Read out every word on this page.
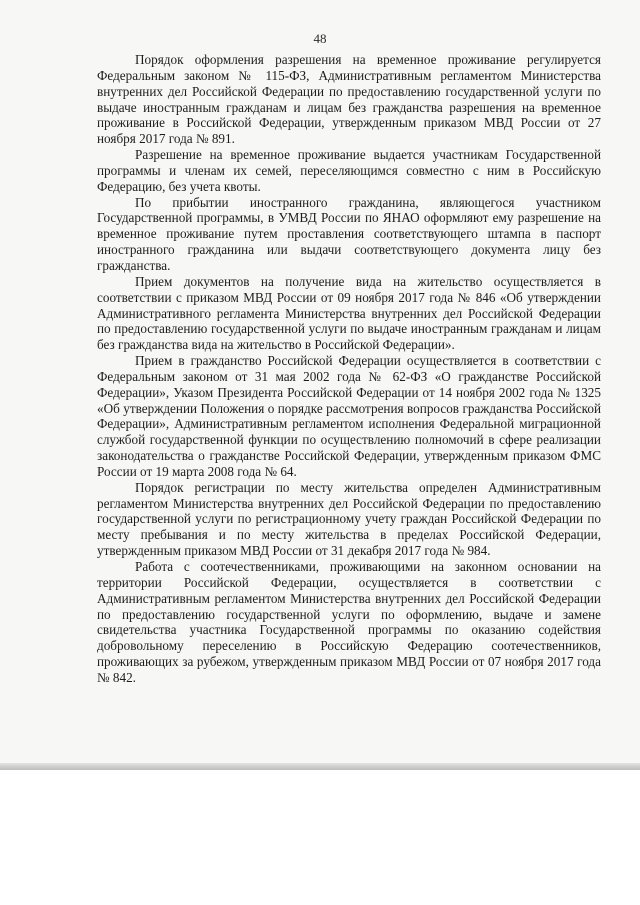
48

Порядок оформления разрешения на временное проживание регулируется Федеральным законом № 115-ФЗ, Административным регламентом Министерства внутренних дел Российской Федерации по предоставлению государственной услуги по выдаче иностранным гражданам и лицам без гражданства разрешения на временное проживание в Российской Федерации, утвержденным приказом МВД России от 27 ноября 2017 года № 891.

Разрешение на временное проживание выдается участникам Государственной программы и членам их семей, переселяющимся совместно с ним в Российскую Федерацию, без учета квоты.

По прибытии иностранного гражданина, являющегося участником Государственной программы, в УМВД России по ЯНАО оформляют ему разрешение на временное проживание путем проставления соответствующего штампа в паспорт иностранного гражданина или выдачи соответствующего документа лицу без гражданства.

Прием документов на получение вида на жительство осуществляется в соответствии с приказом МВД России от 09 ноября 2017 года № 846 «Об утверждении Административного регламента Министерства внутренних дел Российской Федерации по предоставлению государственной услуги по выдаче иностранным гражданам и лицам без гражданства вида на жительство в Российской Федерации».

Прием в гражданство Российской Федерации осуществляется в соответствии с Федеральным законом от 31 мая 2002 года № 62-ФЗ «О гражданстве Российской Федерации», Указом Президента Российской Федерации от 14 ноября 2002 года № 1325 «Об утверждении Положения о порядке рассмотрения вопросов гражданства Российской Федерации», Административным регламентом исполнения Федеральной миграционной службой государственной функции по осуществлению полномочий в сфере реализации законодательства о гражданстве Российской Федерации, утвержденным приказом ФМС России от 19 марта 2008 года № 64.

Порядок регистрации по месту жительства определен Административным регламентом Министерства внутренних дел Российской Федерации по предоставлению государственной услуги по регистрационному учету граждан Российской Федерации по месту пребывания и по месту жительства в пределах Российской Федерации, утвержденным приказом МВД России от 31 декабря 2017 года № 984.

Работа с соотечественниками, проживающими на законном основании на территории Российской Федерации, осуществляется в соответствии с Административным регламентом Министерства внутренних дел Российской Федерации по предоставлению государственной услуги по оформлению, выдаче и замене свидетельства участника Государственной программы по оказанию содействия добровольному переселению в Российскую Федерацию соотечественников, проживающих за рубежом, утвержденным приказом МВД России от 07 ноября 2017 года № 842.
